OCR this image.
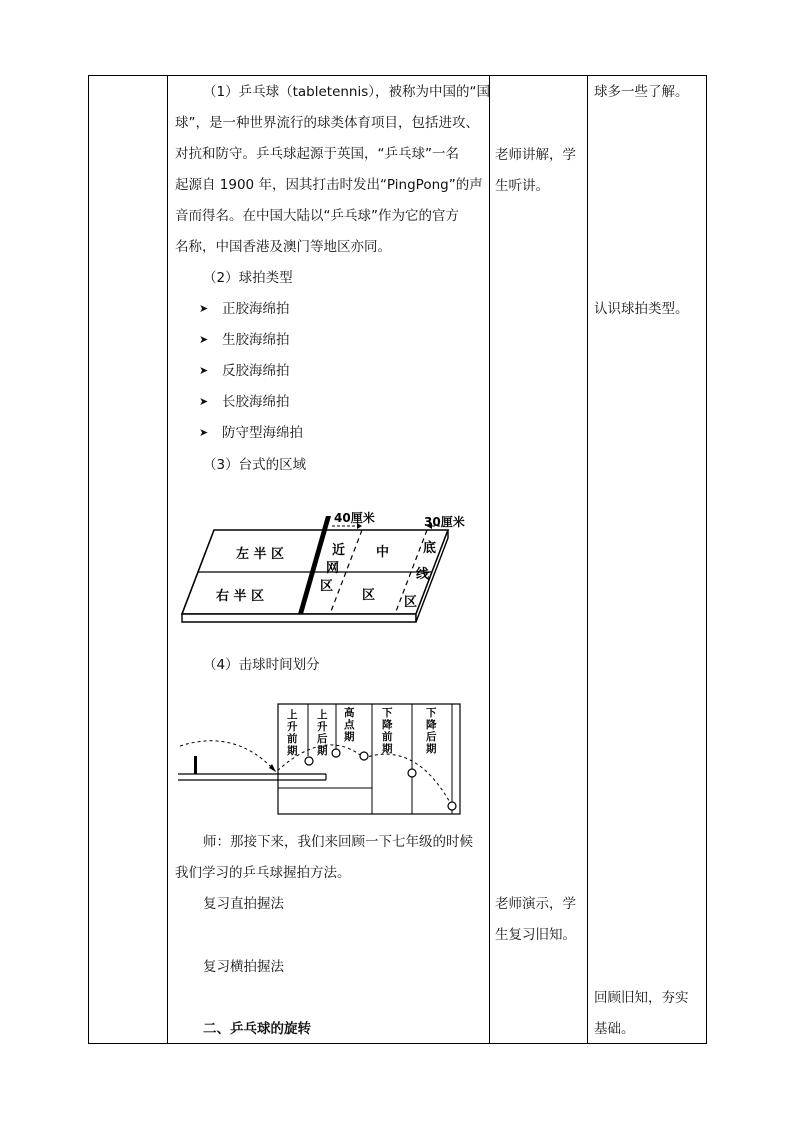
（1）乒乓球（tabletennis），被称为中国的“国
球”，是一种世界流行的球类体育项目，包括进攻、
对抗和防守。乒乓球起源于英国，“乒乓球”一名
起源自 1900 年，因其打击时发出“PingPong”的声
音而得名。在中国大陆以“乒乓球”作为它的官方
名称，中国香港及澳门等地区亦同。
（2）球拍类型
➤ 正胶海绵拍
➤ 生胶海绵拍
➤ 反胶海绵拍
➤ 长胶海绵拍
➤ 防守型海绵拍
（3）台式的区域
40厘米	30厘米
左 半 区
右 半 区
近
网
区
中
区
底
线
区
（4）击球时间划分
上
升
前
期
上
升
后
期
高
点
期
下
降
前
期
下
降
后
期
师：那接下来，我们来回顾一下七年级的时候
我们学习的乒乓球握拍方法。
复习直拍握法
复习横拍握法
二、乒乓球的旋转
老师讲解，学
生听讲。
老师演示，学
生复习旧知。
球多一些了解。
认识球拍类型。
回顾旧知，夯实
基础。
